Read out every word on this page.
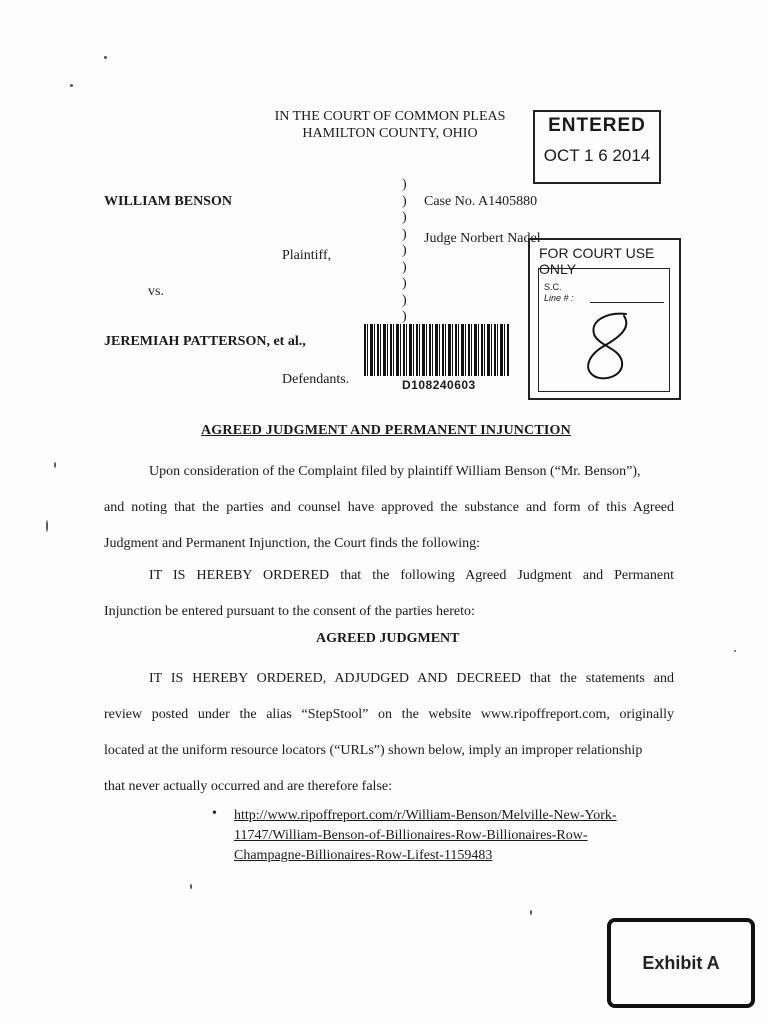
IN THE COURT OF COMMON PLEAS
HAMILTON COUNTY, OHIO	ENTERED
OCT 1 6 2014
WILLIAM BENSON
Plaintiff,
vs.
JEREMIAH PATTERSON, et al.,
Defendants.
)
)
)
)
)
)
)
)
)
Case No. A1405880
Judge Norbert Nadel
D108240603
FOR COURT USE ONLY
S.C.
Line # :
AGREED JUDGMENT AND PERMANENT INJUNCTION
Upon consideration of the Complaint filed by plaintiff William Benson (“Mr. Benson”),
and noting that the parties and counsel have approved the substance and form of this Agreed
Judgment and Permanent Injunction, the Court finds the following:
IT IS HEREBY ORDERED that the following Agreed Judgment and Permanent
Injunction be entered pursuant to the consent of the parties hereto:
AGREED JUDGMENT
IT IS HEREBY ORDERED, ADJUDGED AND DECREED that the statements and
review posted under the alias “StepStool” on the website www.ripoffreport.com, originally
located at the uniform resource locators (“URLs”) shown below, imply an improper relationship
that never actually occurred and are therefore false:
• http://www.ripoffreport.com/r/William-Benson/Melville-New-York-
11747/William-Benson-of-Billionaires-Row-Billionaires-Row-
Champagne-Billionaires-Row-Lifest-1159483
Exhibit A
